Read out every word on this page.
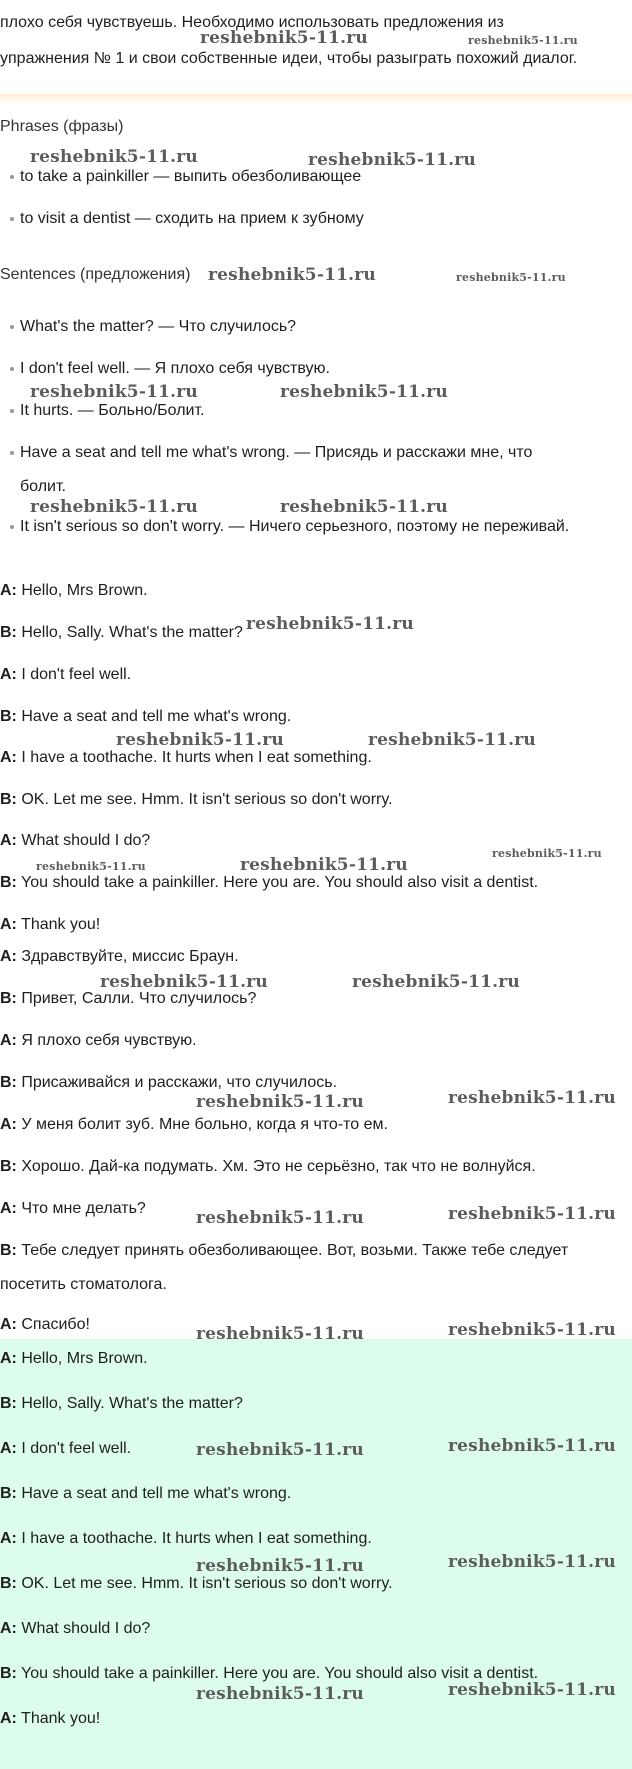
плохо себя чувствуешь. Необходимо использовать предложения из
упражнения № 1 и свои собственные идеи, чтобы разыграть похожий диалог.
Phrases (фразы)
to take a painkiller — выпить обезболивающее
to visit a dentist — сходить на прием к зубному
Sentences (предложения)
What's the matter? — Что случилось?
I don't feel well. — Я плохо себя чувствую.
It hurts. — Больно/Болит.
Have a seat and tell me what's wrong. — Присядь и расскажи мне, что
болит.
It isn't serious so don't worry. — Ничего серьезного, поэтому не переживай.
A: Hello, Mrs Brown.
B: Hello, Sally. What's the matter?
A: I don't feel well.
B: Have a seat and tell me what's wrong.
A: I have a toothache. It hurts when I eat something.
B: OK. Let me see. Hmm. It isn't serious so don't worry.
A: What should I do?
B: You should take a painkiller. Here you are. You should also visit a dentist.
A: Thank you!
A: Здравствуйте, миссис Браун.
B: Привет, Салли. Что случилось?
A: Я плохо себя чувствую.
B: Присаживайся и расскажи, что случилось.
A: У меня болит зуб. Мне больно, когда я что-то ем.
B: Хорошо. Дай-ка подумать. Хм. Это не серьёзно, так что не волнуйся.
A: Что мне делать?
B: Тебе следует принять обезболивающее. Вот, возьми. Также тебе следует
посетить стоматолога.
A: Спасибо!
A: Hello, Mrs Brown.
B: Hello, Sally. What's the matter?
A: I don't feel well.
B: Have a seat and tell me what's wrong.
A: I have a toothache. It hurts when I eat something.
B: OK. Let me see. Hmm. It isn't serious so don't worry.
A: What should I do?
B: You should take a painkiller. Here you are. You should also visit a dentist.
A: Thank you!
reshebnik5-11.ru	reshebnik5-11.ru
reshebnik5-11.ru	reshebnik5-11.ru
reshebnik5-11.ru	reshebnik5-11.ru
reshebnik5-11.ru	reshebnik5-11.ru
reshebnik5-11.ru	reshebnik5-11.ru
reshebnik5-11.ru
reshebnik5-11.ru	reshebnik5-11.ru
reshebnik5-11.ru
reshebnik5-11.ru	reshebnik5-11.ru
reshebnik5-11.ru	reshebnik5-11.ru
reshebnik5-11.ru	reshebnik5-11.ru
reshebnik5-11.ru	reshebnik5-11.ru
reshebnik5-11.ru	reshebnik5-11.ru
reshebnik5-11.ru	reshebnik5-11.ru
reshebnik5-11.ru	reshebnik5-11.ru
reshebnik5-11.ru	reshebnik5-11.ru
